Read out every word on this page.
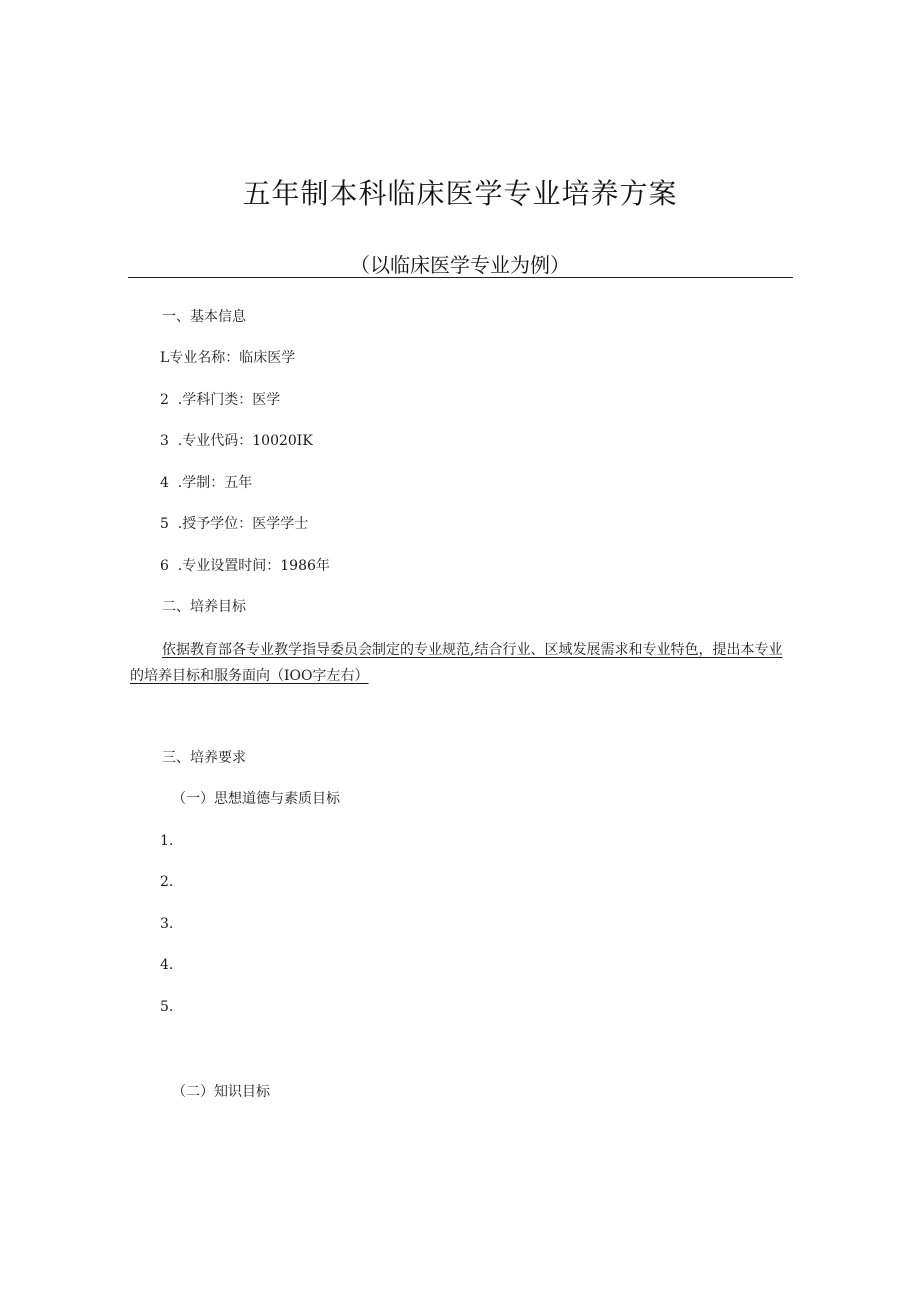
五年制本科临床医学专业培养方案
（以临床医学专业为例）
一、基本信息
L专业名称：临床医学
2  .学科门类：医学
3  .专业代码：10020IK
4  .学制：五年
5  .授予学位：医学学士
6  .专业设置时间：1986年
二、培养目标
依据教育部各专业教学指导委员会制定的专业规范,结合行业、区域发展需求和专业特色，提出本专业的培养目标和服务面向（IOO字左右）
三、培养要求
（一）思想道德与素质目标
1.
2.
3.
4.
5.
（二）知识目标
